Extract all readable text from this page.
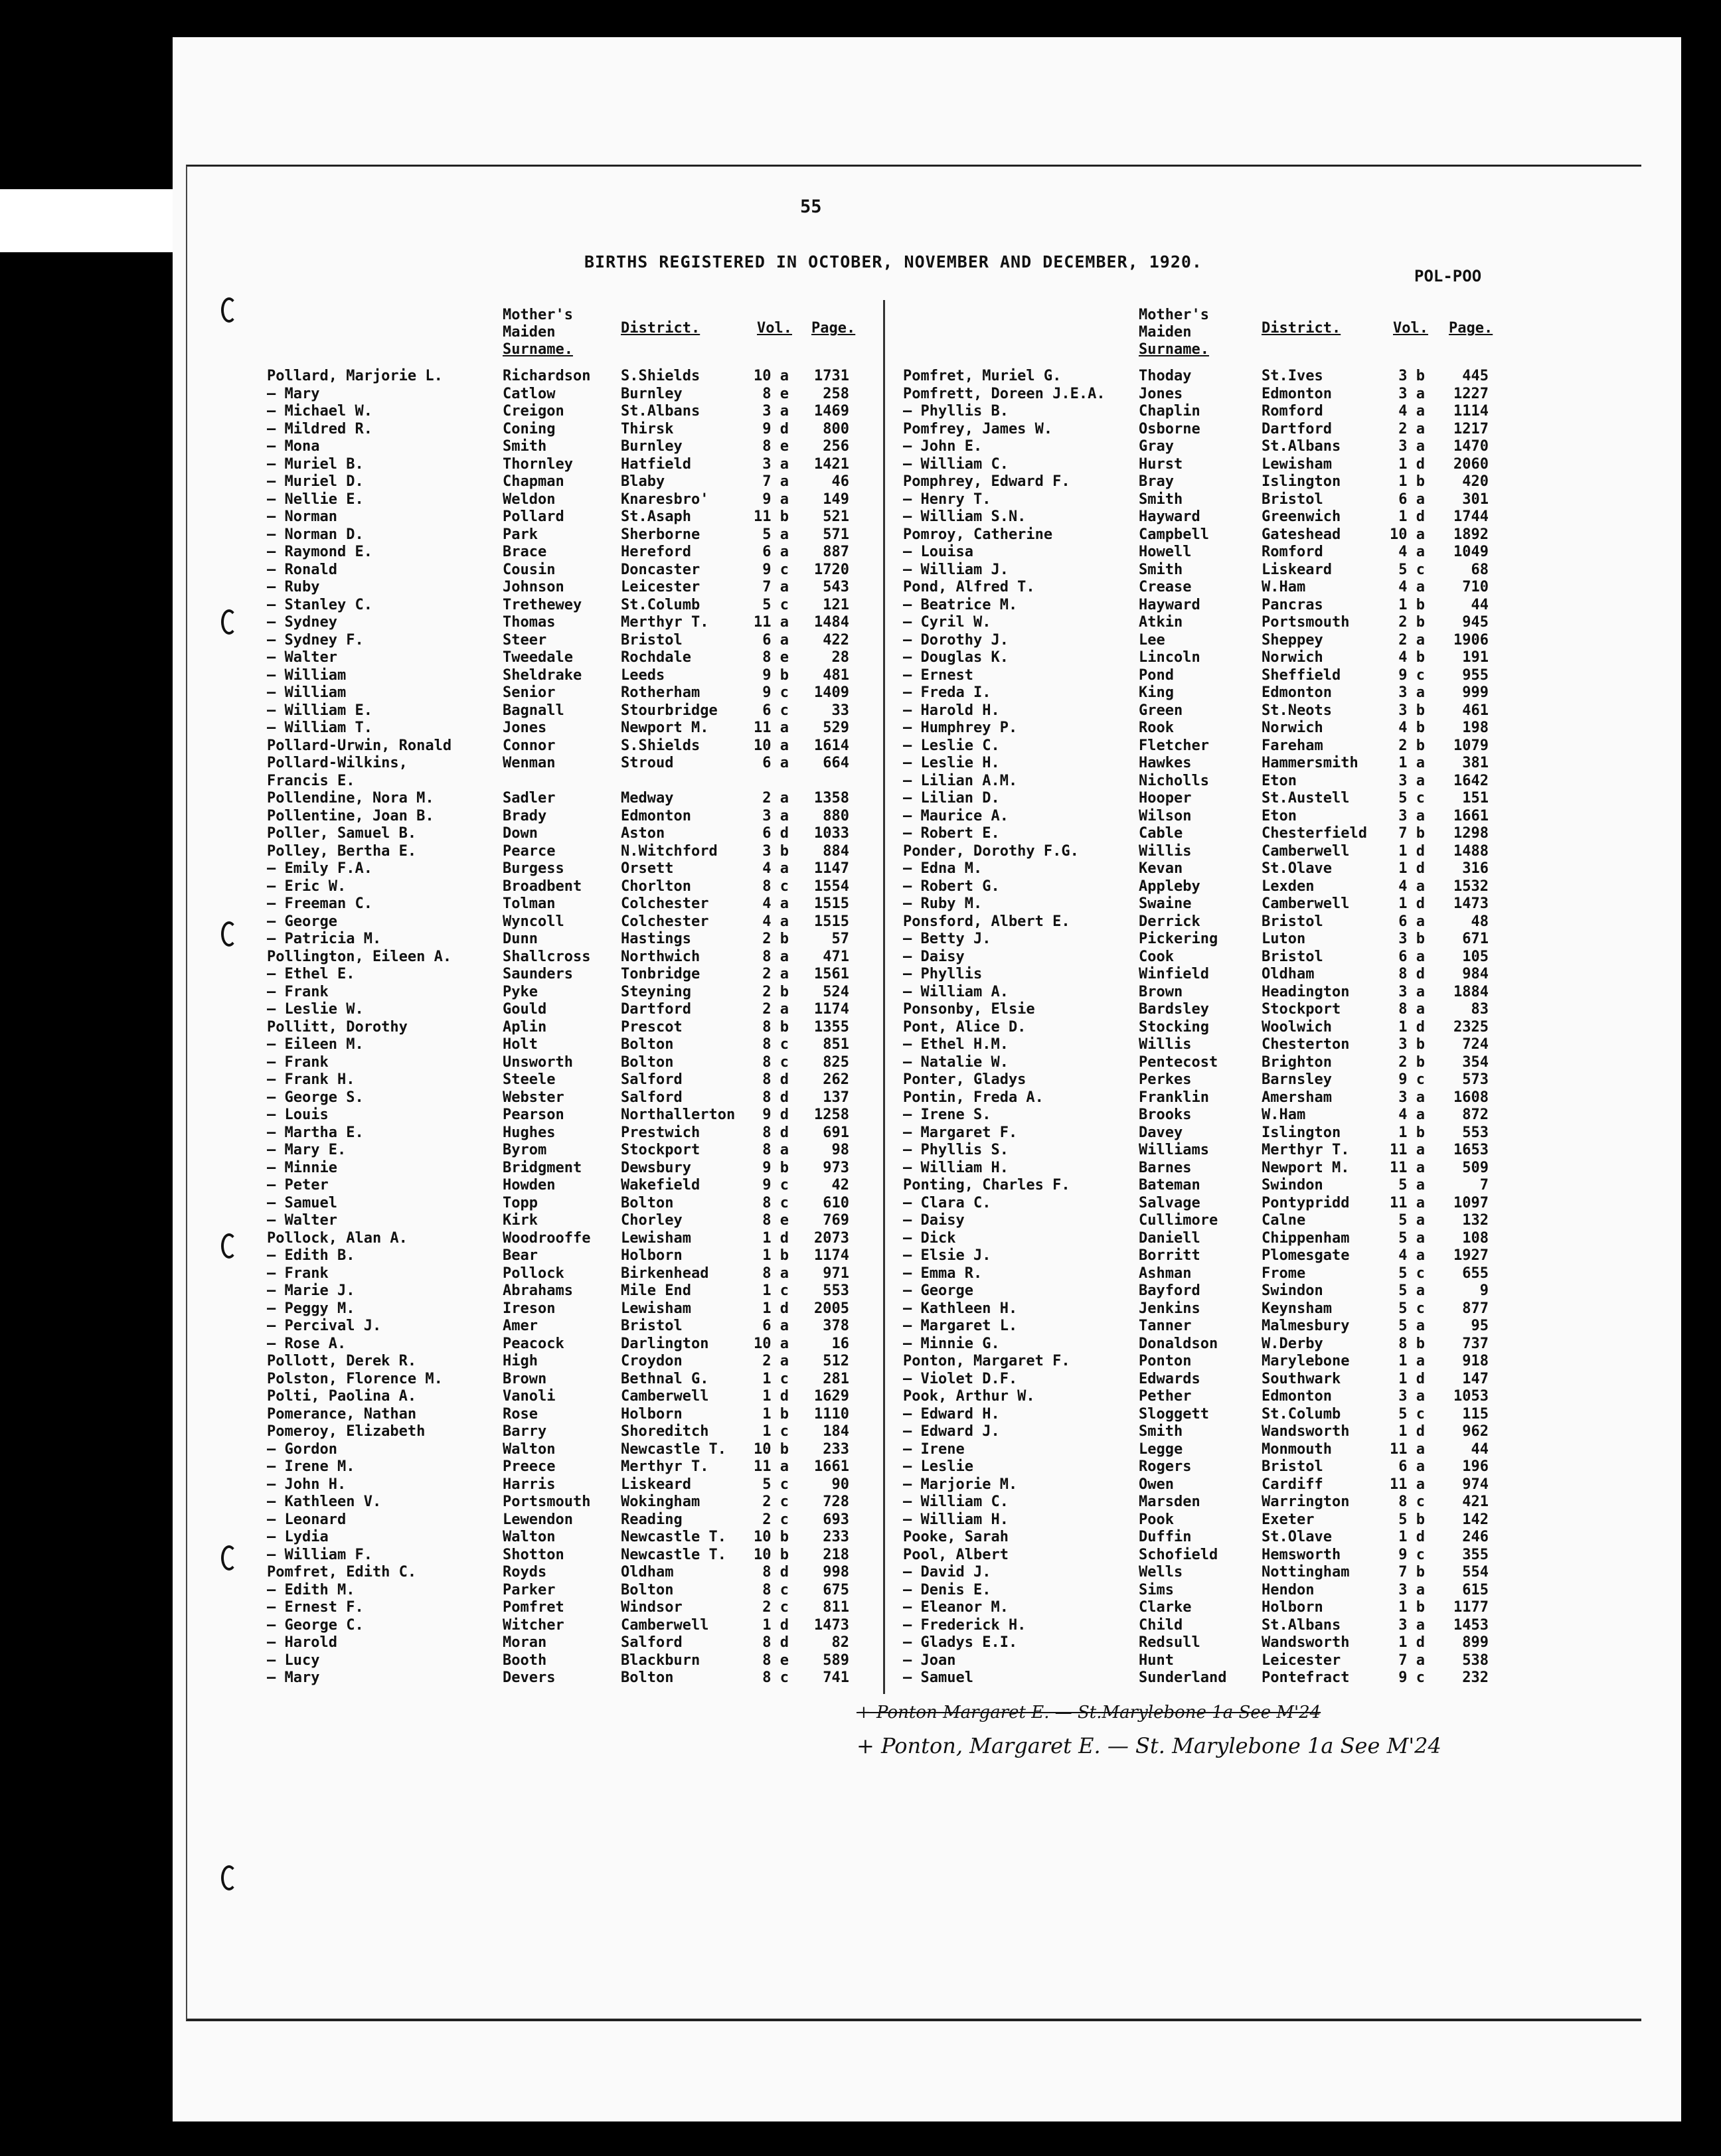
55
BIRTHS REGISTERED IN OCTOBER, NOVEMBER AND DECEMBER, 1920.
POL-POO
Mother's
Maiden
Surname.
District.	Vol. Page.
Pollard, Marjorie L.	Richardson	S.Shields	10 a	1731
— Mary	Catlow	Burnley	8 e	258
— Michael W.	Creigon	St.Albans	3 a	1469
— Mildred R.	Coning	Thirsk	9 d	800
— Mona	Smith	Burnley	8 e	256
— Muriel B.	Thornley	Hatfield	3 a	1421
— Muriel D.	Chapman	Blaby	7 a	46
— Nellie E.	Weldon	Knaresbro'	9 a	149
— Norman	Pollard	St.Asaph	11 b	521
— Norman D.	Park	Sherborne	5 a	571
— Raymond E.	Brace	Hereford	6 a	887
— Ronald	Cousin	Doncaster	9 c	1720
— Ruby	Johnson	Leicester	7 a	543
— Stanley C.	Trethewey	St.Columb	5 c	121
— Sydney	Thomas	Merthyr T.	11 a	1484
— Sydney F.	Steer	Bristol	6 a	422
— Walter	Tweedale	Rochdale	8 e	28
— William	Sheldrake	Leeds	9 b	481
— William	Senior	Rotherham	9 c	1409
— William E.	Bagnall	Stourbridge	6 c	33
— William T.	Jones	Newport M.	11 a	529
Pollard-Urwin, Ronald	Connor	S.Shields	10 a	1614
Pollard-Wilkins,	Wenman	Stroud	6 a	664
Francis E.
Pollendine, Nora M.	Sadler	Medway	2 a	1358
Pollentine, Joan B.	Brady	Edmonton	3 a	880
Poller, Samuel B.	Down	Aston	6 d	1033
Polley, Bertha E.	Pearce	N.Witchford	3 b	884
— Emily F.A.	Burgess	Orsett	4 a	1147
— Eric W.	Broadbent	Chorlton	8 c	1554
— Freeman C.	Tolman	Colchester	4 a	1515
— George	Wyncoll	Colchester	4 a	1515
— Patricia M.	Dunn	Hastings	2 b	57
Pollington, Eileen A.	Shallcross	Northwich	8 a	471
— Ethel E.	Saunders	Tonbridge	2 a	1561
— Frank	Pyke	Steyning	2 b	524
— Leslie W.	Gould	Dartford	2 a	1174
Pollitt, Dorothy	Aplin	Prescot	8 b	1355
— Eileen M.	Holt	Bolton	8 c	851
— Frank	Unsworth	Bolton	8 c	825
— Frank H.	Steele	Salford	8 d	262
— George S.	Webster	Salford	8 d	137
— Louis	Pearson	Northallerton	9 d	1258
— Martha E.	Hughes	Prestwich	8 d	691
— Mary E.	Byrom	Stockport	8 a	98
— Minnie	Bridgment	Dewsbury	9 b	973
— Peter	Howden	Wakefield	9 c	42
— Samuel	Topp	Bolton	8 c	610
— Walter	Kirk	Chorley	8 e	769
Pollock, Alan A.	Woodrooffe	Lewisham	1 d	2073
— Edith B.	Bear	Holborn	1 b	1174
— Frank	Pollock	Birkenhead	8 a	971
— Marie J.	Abrahams	Mile End	1 c	553
— Peggy M.	Ireson	Lewisham	1 d	2005
— Percival J.	Amer	Bristol	6 a	378
— Rose A.	Peacock	Darlington	10 a	16
Pollott, Derek R.	High	Croydon	2 a	512
Polston, Florence M.	Brown	Bethnal G.	1 c	281
Polti, Paolina A.	Vanoli	Camberwell	1 d	1629
Pomerance, Nathan	Rose	Holborn	1 b	1110
Pomeroy, Elizabeth	Barry	Shoreditch	1 c	184
— Gordon	Walton	Newcastle T.	10 b	233
— Irene M.	Preece	Merthyr T.	11 a	1661
— John H.	Harris	Liskeard	5 c	90
— Kathleen V.	Portsmouth	Wokingham	2 c	728
— Leonard	Lewendon	Reading	2 c	693
— Lydia	Walton	Newcastle T.	10 b	233
— William F.	Shotton	Newcastle T.	10 b	218
Pomfret, Edith C.	Royds	Oldham	8 d	998
— Edith M.	Parker	Bolton	8 c	675
— Ernest F.	Pomfret	Windsor	2 c	811
— George C.	Witcher	Camberwell	1 d	1473
— Harold	Moran	Salford	8 d	82
— Lucy	Booth	Blackburn	8 e	589
— Mary	Devers	Bolton	8 c	741
Mother's
Maiden
Surname.
District.	Vol. Page.
Pomfret, Muriel G.	Thoday	St.Ives	3 b	445
Pomfrett, Doreen J.E.A.	Jones	Edmonton	3 a	1227
— Phyllis B.	Chaplin	Romford	4 a	1114
Pomfrey, James W.	Osborne	Dartford	2 a	1217
— John E.	Gray	St.Albans	3 a	1470
— William C.	Hurst	Lewisham	1 d	2060
Pomphrey, Edward F.	Bray	Islington	1 b	420
— Henry T.	Smith	Bristol	6 a	301
— William S.N.	Hayward	Greenwich	1 d	1744
Pomroy, Catherine	Campbell	Gateshead	10 a	1892
— Louisa	Howell	Romford	4 a	1049
— William J.	Smith	Liskeard	5 c	68
Pond, Alfred T.	Crease	W.Ham	4 a	710
— Beatrice M.	Hayward	Pancras	1 b	44
— Cyril W.	Atkin	Portsmouth	2 b	945
— Dorothy J.	Lee	Sheppey	2 a	1906
— Douglas K.	Lincoln	Norwich	4 b	191
— Ernest	Pond	Sheffield	9 c	955
— Freda I.	King	Edmonton	3 a	999
— Harold H.	Green	St.Neots	3 b	461
— Humphrey P.	Rook	Norwich	4 b	198
— Leslie C.	Fletcher	Fareham	2 b	1079
— Leslie H.	Hawkes	Hammersmith	1 a	381
— Lilian A.M.	Nicholls	Eton	3 a	1642
— Lilian D.	Hooper	St.Austell	5 c	151
— Maurice A.	Wilson	Eton	3 a	1661
— Robert E.	Cable	Chesterfield	7 b	1298
Ponder, Dorothy F.G.	Willis	Camberwell	1 d	1488
— Edna M.	Kevan	St.Olave	1 d	316
— Robert G.	Appleby	Lexden	4 a	1532
— Ruby M.	Swaine	Camberwell	1 d	1473
Ponsford, Albert E.	Derrick	Bristol	6 a	48
— Betty J.	Pickering	Luton	3 b	671
— Daisy	Cook	Bristol	6 a	105
— Phyllis	Winfield	Oldham	8 d	984
— William A.	Brown	Headington	3 a	1884
Ponsonby, Elsie	Bardsley	Stockport	8 a	83
Pont, Alice D.	Stocking	Woolwich	1 d	2325
— Ethel H.M.	Willis	Chesterton	3 b	724
— Natalie W.	Pentecost	Brighton	2 b	354
Ponter, Gladys	Perkes	Barnsley	9 c	573
Pontin, Freda A.	Franklin	Amersham	3 a	1608
— Irene S.	Brooks	W.Ham	4 a	872
— Margaret F.	Davey	Islington	1 b	553
— Phyllis S.	Williams	Merthyr T.	11 a	1653
— William H.	Barnes	Newport M.	11 a	509
Ponting, Charles F.	Bateman	Swindon	5 a	7
— Clara C.	Salvage	Pontypridd	11 a	1097
— Daisy	Cullimore	Calne	5 a	132
— Dick	Daniell	Chippenham	5 a	108
— Elsie J.	Borritt	Plomesgate	4 a	1927
— Emma R.	Ashman	Frome	5 c	655
— George	Bayford	Swindon	5 a	9
— Kathleen H.	Jenkins	Keynsham	5 c	877
— Margaret L.	Tanner	Malmesbury	5 a	95
— Minnie G.	Donaldson	W.Derby	8 b	737
Ponton, Margaret F.	Ponton	Marylebone	1 a	918
— Violet D.F.	Edwards	Southwark	1 d	147
Pook, Arthur W.	Pether	Edmonton	3 a	1053
— Edward H.	Sloggett	St.Columb	5 c	115
— Edward J.	Smith	Wandsworth	1 d	962
— Irene	Legge	Monmouth	11 a	44
— Leslie	Rogers	Bristol	6 a	196
— Marjorie M.	Owen	Cardiff	11 a	974
— William C.	Marsden	Warrington	8 c	421
— William H.	Pook	Exeter	5 b	142
Pooke, Sarah	Duffin	St.Olave	1 d	246
Pool, Albert	Schofield	Hemsworth	9 c	355
— David J.	Wells	Nottingham	7 b	554
— Denis E.	Sims	Hendon	3 a	615
— Eleanor M.	Clarke	Holborn	1 b	1177
— Frederick H.	Child	St.Albans	3 a	1453
— Gladys E.I.	Redsull	Wandsworth	1 d	899
— Joan	Hunt	Leicester	7 a	538
— Samuel	Sunderland	Pontefract	9 c	232
+ Ponton Margaret E. — St.Marylebone 1a See M'24
+ Ponton, Margaret E. — St. Marylebone 1a See M'24
